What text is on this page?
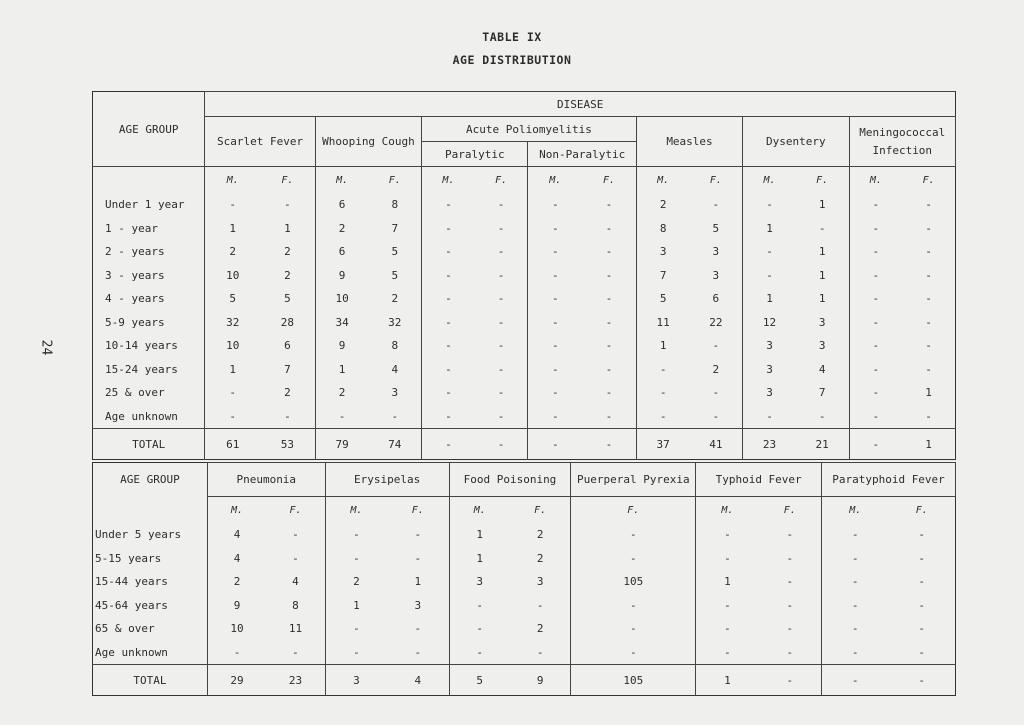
TABLE IX
AGE DISTRIBUTION
24
AGE GROUP	DISEASE													
	Scarlet Fever		Whooping Cough		Acute Poliomyelitis				Measles		Dysentery		Meningococcal Infection	
					Paralytic		Non-Paralytic							
	M.	F.	M.	F.	M.	F.	M.	F.	M.	F.	M.	F.	M.	F.
Under 1 year	-	-	6	8	-	-	-	-	2	-	-	1	-	-
1 - year	1	1	2	7	-	-	-	-	8	5	1	-	-	-
2 - years	2	2	6	5	-	-	-	-	3	3	-	1	-	-
3 - years	10	2	9	5	-	-	-	-	7	3	-	1	-	-
4 - years	5	5	10	2	-	-	-	-	5	6	1	1	-	-
5-9 years	32	28	34	32	-	-	-	-	11	22	12	3	-	-
10-14 years	10	6	9	8	-	-	-	-	1	-	3	3	-	-
15-24 years	1	7	1	4	-	-	-	-	-	2	3	4	-	-
25 & over	-	2	2	3	-	-	-	-	-	-	3	7	-	1
Age unknown	-	-	-	-	-	-	-	-	-	-	-	-	-	-
TOTAL	61	53	79	74	-	-	-	-	37	41	23	21	-	1
AGE GROUP	Pneumonia		Erysipelas		Food Poisoning		Puerperal Pyrexia	Typhoid Fever		Paratyphoid Fever	
	M.	F.	M.	F.	M.	F.	F.	M.	F.	M.	F.
Under 5 years	4	-	-	-	1	2	-	-	-	-	-
5-15 years	4	-	-	-	1	2	-	-	-	-	-
15-44 years	2	4	2	1	3	3	105	1	-	-	-
45-64 years	9	8	1	3	-	-	-	-	-	-	-
65 & over	10	11	-	-	-	2	-	-	-	-	-
Age unknown	-	-	-	-	-	-	-	-	-	-	-
TOTAL	29	23	3	4	5	9	105	1	-	-	-
